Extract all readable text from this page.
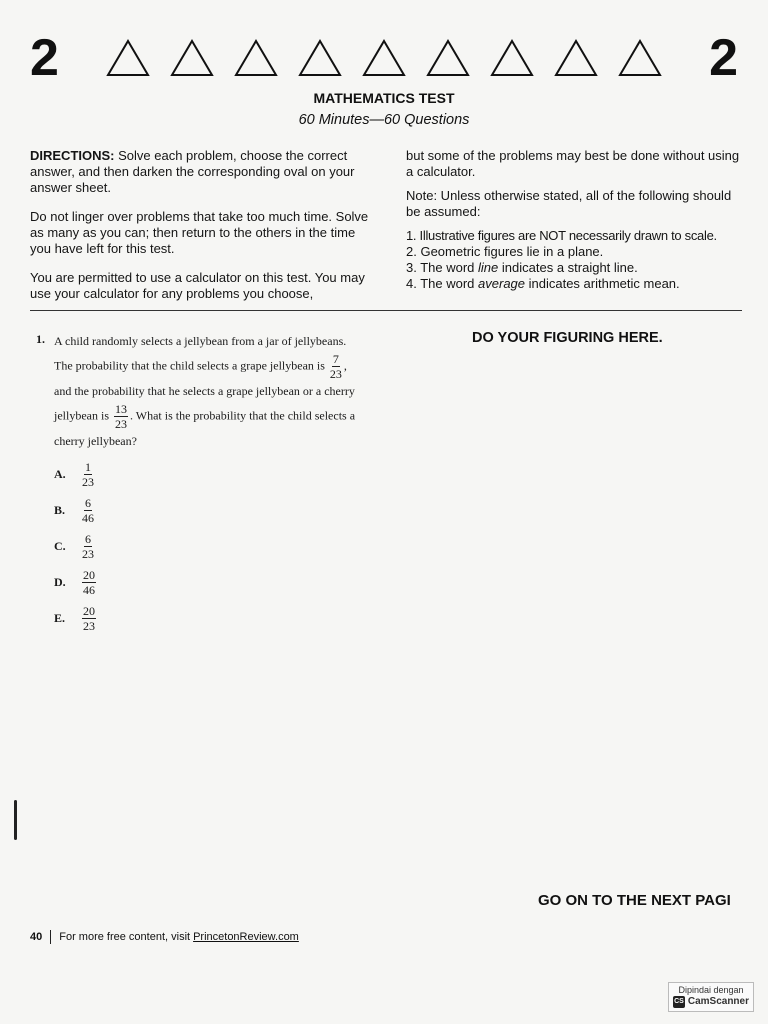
2	2
MATHEMATICS TEST
60 Minutes—60 Questions

DIRECTIONS: Solve each problem, choose the correct answer, and then darken the corresponding oval on your answer sheet.

Do not linger over problems that take too much time. Solve as many as you can; then return to the others in the time you have left for this test.

You are permitted to use a calculator on this test. You may use your calculator for any problems you choose,

but some of the problems may best be done without using a calculator.

Note: Unless otherwise stated, all of the following should be assumed:

1. Illustrative figures are NOT necessarily drawn to scale.
2. Geometric figures lie in a plane.
3. The word line indicates a straight line.
4. The word average indicates arithmetic mean.
1. A child randomly selects a jellybean from a jar of jellybeans.
The probability that the child selects a grape jellybean is $\frac{7}{23}$ ,
and the probability that he selects a grape jellybean or a cherry
jellybean is $\frac{13}{23}$ . What is the probability that the child selects a
cherry jellybean?
A.	$\frac{1}{23}$
B.	$\frac{6}{46}$
C.	$\frac{6}{23}$
D.	$\frac{20}{46}$
E.	$\frac{20}{23}$
DO YOUR FIGURING HERE.
GO ON TO THE NEXT PAGI
40 For more free content, visit PrincetonReview.com
Dipindai dengan
CS CamScanner
